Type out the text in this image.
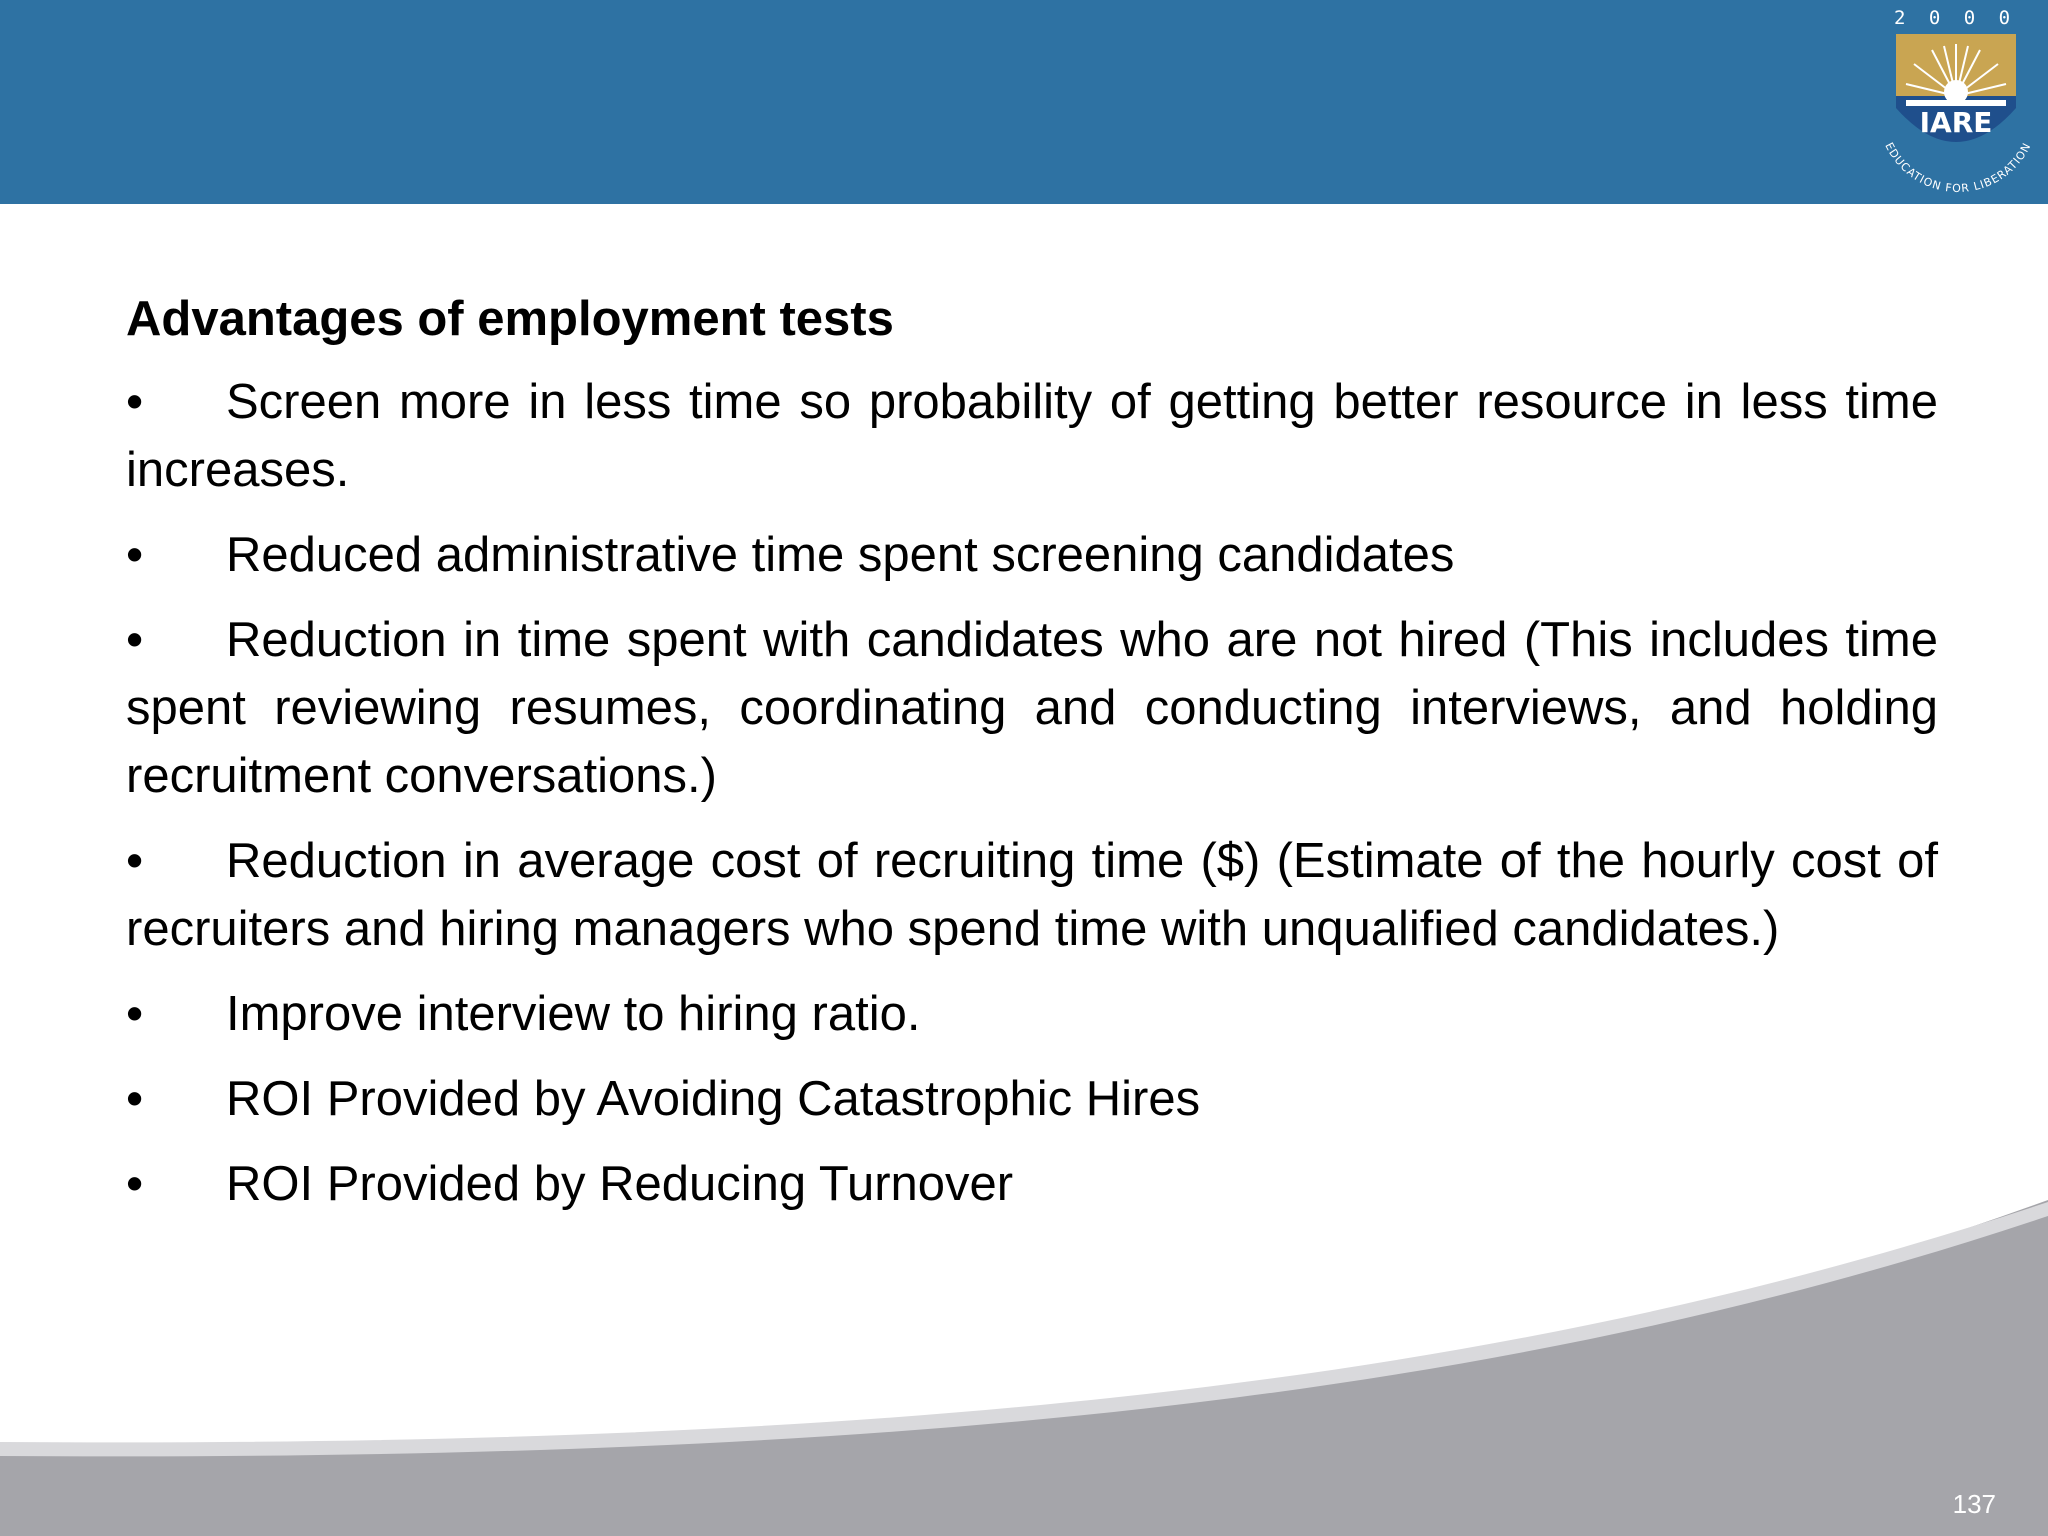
2 0 0 0
IARE
EDUCATION FOR LIBERATION
Advantages of employment tests
• Screen more in less time so probability of getting better resource in less time increases.
• Reduced administrative time spent screening candidates
• Reduction in time spent with candidates who are not hired (This includes time spent reviewing resumes, coordinating and conducting interviews, and holding recruitment conversations.)
• Reduction in average cost of recruiting time ($) (Estimate of the hourly cost of recruiters and hiring managers who spend time with unqualified candidates.)
• Improve interview to hiring ratio.
• ROI Provided by Avoiding Catastrophic Hires
• ROI Provided by Reducing Turnover
137
